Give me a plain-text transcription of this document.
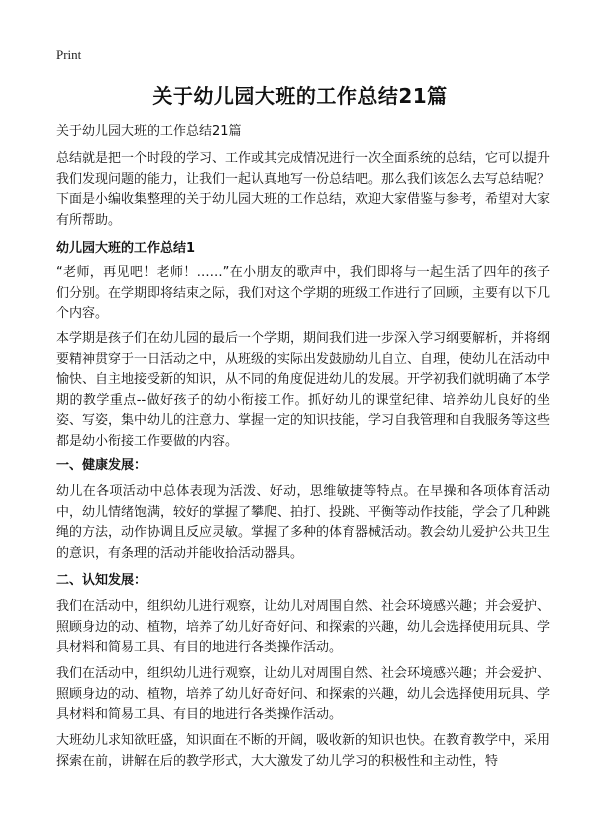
Print
关于幼儿园大班的工作总结21篇
关于幼儿园大班的工作总结21篇

总结就是把一个时段的学习、工作或其完成情况进行一次全面系统的总结，它可以提升我们发现问题的能力，让我们一起认真地写一份总结吧。那么我们该怎么去写总结呢？下面是小编收集整理的关于幼儿园大班的工作总结，欢迎大家借鉴与参考，希望对大家有所帮助。

幼儿园大班的工作总结1

“老师，再见吧！老师！……”在小朋友的歌声中，我们即将与一起生活了四年的孩子们分别。在学期即将结束之际，我们对这个学期的班级工作进行了回顾，主要有以下几个内容。

本学期是孩子们在幼儿园的最后一个学期，期间我们进一步深入学习纲要解析，并将纲要精神贯穿于一日活动之中，从班级的实际出发鼓励幼儿自立、自理，使幼儿在活动中愉快、自主地接受新的知识，从不同的角度促进幼儿的发展。开学初我们就明确了本学期的教学重点--做好孩子的幼小衔接工作。抓好幼儿的课堂纪律、培养幼儿良好的坐姿、写姿，集中幼儿的注意力、掌握一定的知识技能，学习自我管理和自我服务等这些都是幼小衔接工作要做的内容。

一、健康发展：

幼儿在各项活动中总体表现为活泼、好动，思维敏捷等特点。在早操和各项体育活动中，幼儿情绪饱满，较好的掌握了攀爬、拍打、投跳、平衡等动作技能，学会了几种跳绳的方法，动作协调且反应灵敏。掌握了多种的体育器械活动。教会幼儿爱护公共卫生的意识，有条理的活动并能收拾活动器具。

二、认知发展：

我们在活动中，组织幼儿进行观察，让幼儿对周围自然、社会环境感兴趣；并会爱护、照顾身边的动、植物，培养了幼儿好奇好问、和探索的兴趣，幼儿会选择使用玩具、学具材料和简易工具、有目的地进行各类操作活动。

我们在活动中，组织幼儿进行观察，让幼儿对周围自然、社会环境感兴趣；并会爱护、照顾身边的动、植物，培养了幼儿好奇好问、和探索的兴趣，幼儿会选择使用玩具、学具材料和简易工具、有目的地进行各类操作活动。

大班幼儿求知欲旺盛，知识面在不断的开阔，吸收新的知识也快。在教育教学中，采用探索在前，讲解在后的教学形式，大大激发了幼儿学习的积极性和主动性，特
